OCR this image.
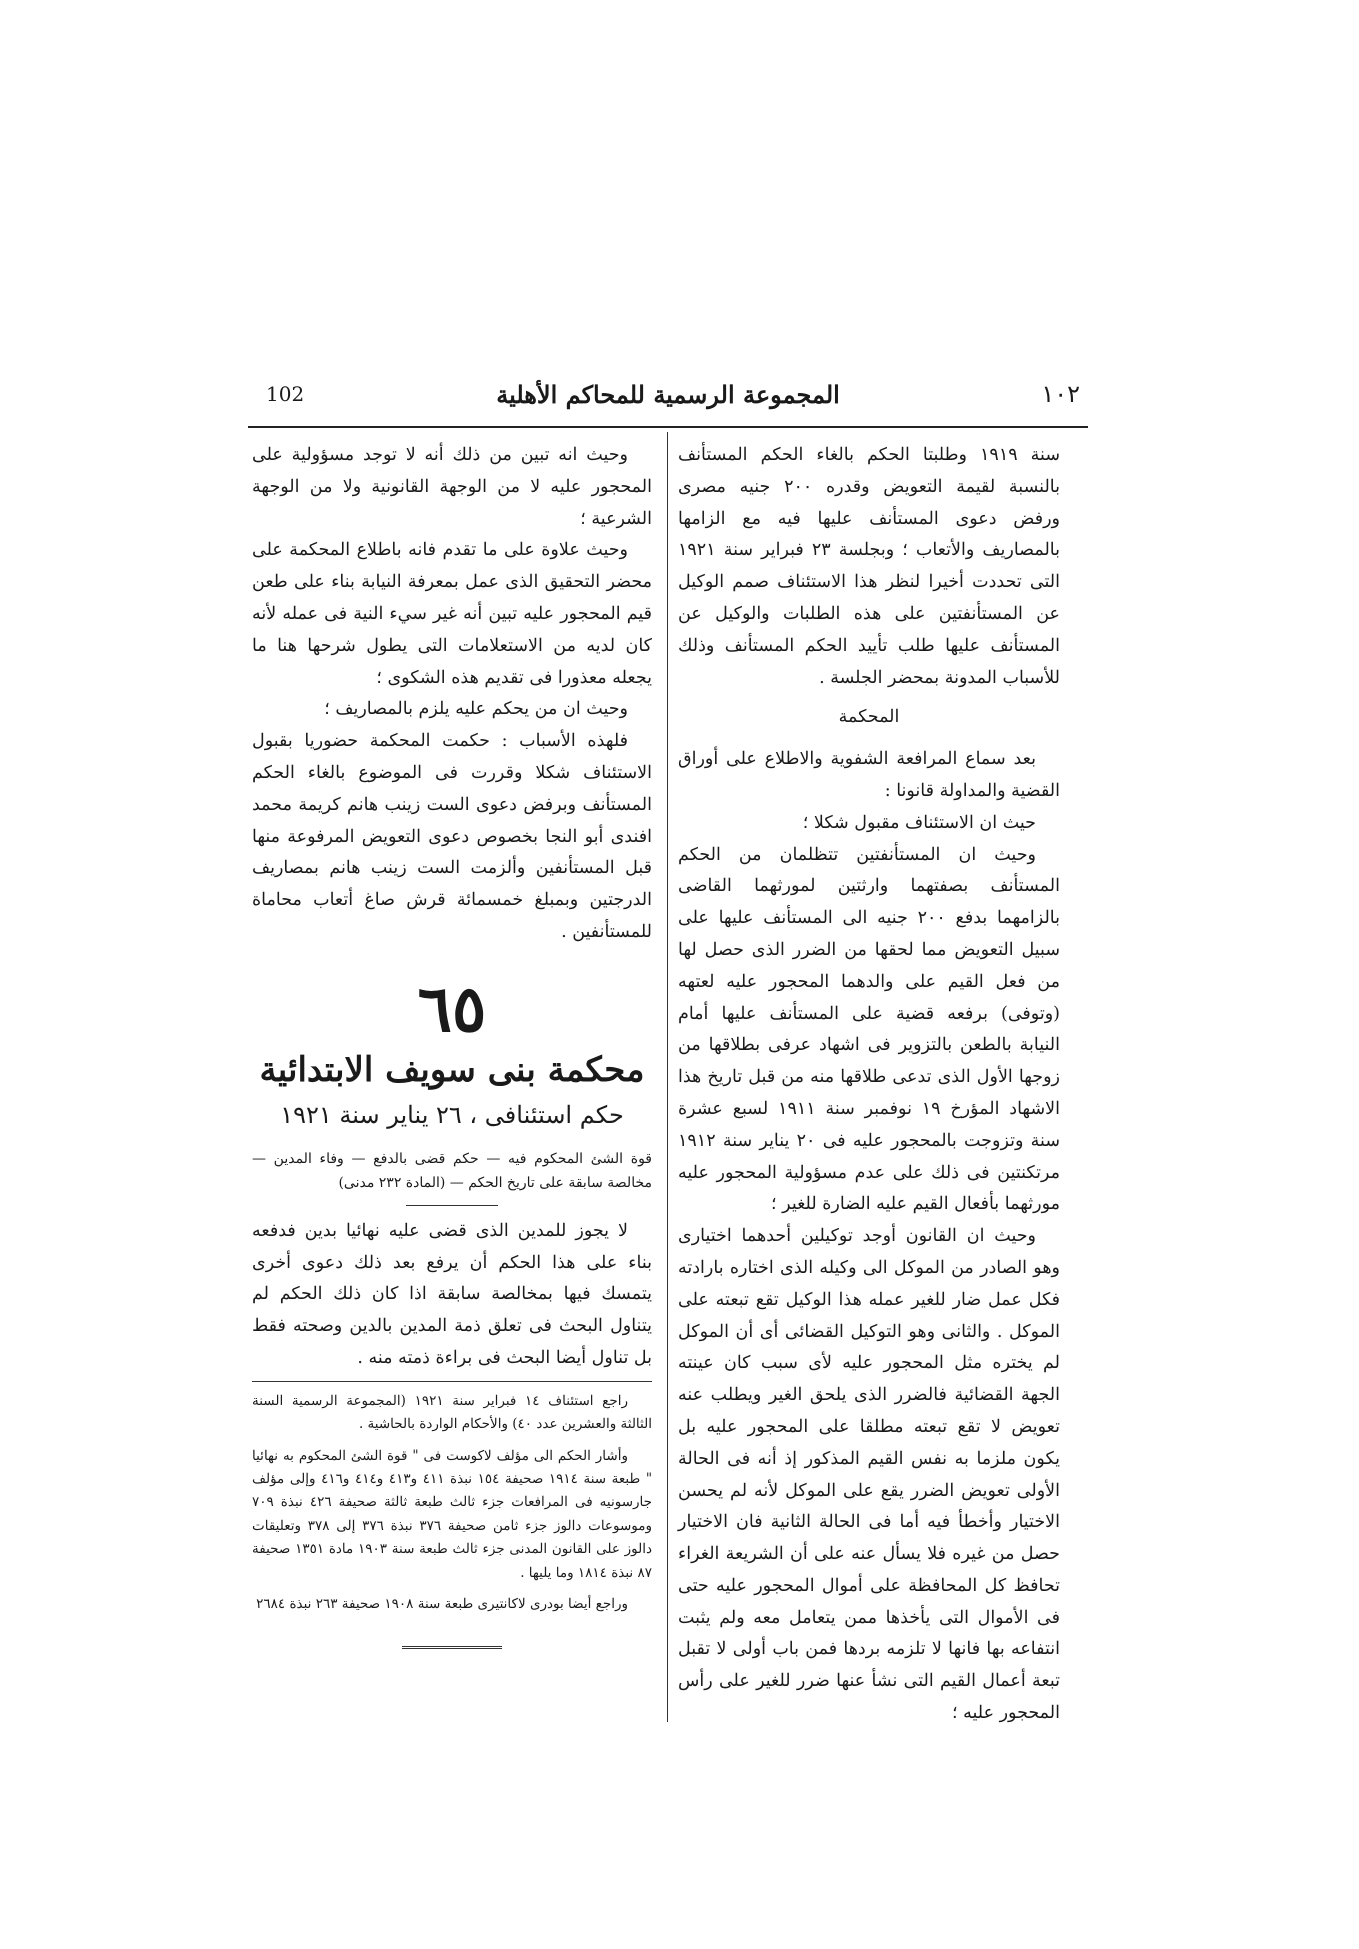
102	المجموعة الرسمية للمحاكم الأهلية	١٠٢

سنة ١٩١٩ وطلبتا الحكم بالغاء الحكم المستأنف بالنسبة لقيمة التعويض وقدره ٢٠٠ جنيه مصرى ورفض دعوى المستأنف عليها فيه مع الزامها بالمصاريف والأتعاب ؛ وبجلسة ٢٣ فبراير سنة ١٩٢١ التى تحددت أخيرا لنظر هذا الاستئناف صمم الوكيل عن المستأنفتين على هذه الطلبات والوكيل عن المستأنف عليها طلب تأييد الحكم المستأنف وذلك للأسباب المدونة بمحضر الجلسة .

المحكمة

بعد سماع المرافعة الشفوية والاطلاع على أوراق القضية والمداولة قانونا :

حيث ان الاستئناف مقبول شكلا ؛

وحيث ان المستأنفتين تتظلمان من الحكم المستأنف بصفتهما وارثتين لمورثهما القاضى بالزامهما بدفع ٢٠٠ جنيه الى المستأنف عليها على سبيل التعويض مما لحقها من الضرر الذى حصل لها من فعل القيم على والدهما المحجور عليه لعتهه (وتوفى) برفعه قضية على المستأنف عليها أمام النيابة بالطعن بالتزوير فى اشهاد عرفى بطلاقها من زوجها الأول الذى تدعى طلاقها منه من قبل تاريخ هذا الاشهاد المؤرخ ١٩ نوفمبر سنة ١٩١١ لسبع عشرة سنة وتزوجت بالمحجور عليه فى ٢٠ يناير سنة ١٩١٢ مرتكنتين فى ذلك على عدم مسؤولية المحجور عليه مورثهما بأفعال القيم عليه الضارة للغير ؛

وحيث ان القانون أوجد توكيلين أحدهما اختيارى وهو الصادر من الموكل الى وكيله الذى اختاره بارادته فكل عمل ضار للغير عمله هذا الوكيل تقع تبعته على الموكل . والثانى وهو التوكيل القضائى أى أن الموكل لم يختره مثل المحجور عليه لأى سبب كان عينته الجهة القضائية فالضرر الذى يلحق الغير ويطلب عنه تعويض لا تقع تبعته مطلقا على المحجور عليه بل يكون ملزما به نفس القيم المذكور إذ أنه فى الحالة الأولى تعويض الضرر يقع على الموكل لأنه لم يحسن الاختيار وأخطأ فيه أما فى الحالة الثانية فان الاختيار حصل من غيره فلا يسأل عنه على أن الشريعة الغراء تحافظ كل المحافظة على أموال المحجور عليه حتى فى الأموال التى يأخذها ممن يتعامل معه ولم يثبت انتفاعه بها فانها لا تلزمه بردها فمن باب أولى لا تقبل تبعة أعمال القيم التى نشأ عنها ضرر للغير على رأس المحجور عليه ؛

وحيث انه تبين من ذلك أنه لا توجد مسؤولية على المحجور عليه لا من الوجهة القانونية ولا من الوجهة الشرعية ؛

وحيث علاوة على ما تقدم فانه باطلاع المحكمة على محضر التحقيق الذى عمل بمعرفة النيابة بناء على طعن قيم المحجور عليه تبين أنه غير سيء النية فى عمله لأنه كان لديه من الاستعلامات التى يطول شرحها هنا ما يجعله معذورا فى تقديم هذه الشكوى ؛

وحيث ان من يحكم عليه يلزم بالمصاريف ؛

فلهذه الأسباب : حكمت المحكمة حضوريا بقبول الاستئناف شكلا وقررت فى الموضوع بالغاء الحكم المستأنف وبرفض دعوى الست زينب هانم كريمة محمد افندى أبو النجا بخصوص دعوى التعويض المرفوعة منها قبل المستأنفين وألزمت الست زينب هانم بمصاريف الدرجتين وبمبلغ خمسمائة قرش صاغ أتعاب محاماة للمستأنفين .

٦٥

محكمة بنى سويف الابتدائية

حكم استئنافى ، ٢٦ يناير سنة ١٩٢١

قوة الشئ المحكوم فيه — حكم قضى بالدفع — وفاء المدين — مخالصة سابقة على تاريخ الحكم — (المادة ٢٣٢ مدنى)

لا يجوز للمدين الذى قضى عليه نهائيا بدين فدفعه بناء على هذا الحكم أن يرفع بعد ذلك دعوى أخرى يتمسك فيها بمخالصة سابقة اذا كان ذلك الحكم لم يتناول البحث فى تعلق ذمة المدين بالدين وصحته فقط بل تناول أيضا البحث فى براءة ذمته منه .

راجع استئناف ١٤ فبراير سنة ١٩٢١ (المجموعة الرسمية السنة الثالثة والعشرين عدد ٤٠) والأحكام الواردة بالحاشية .

وأشار الحكم الى مؤلف لاكوست فى " قوة الشئ المحكوم به نهائيا " طبعة سنة ١٩١٤ صحيفة ١٥٤ نبذة ٤١١ و٤١٣ و٤١٤ و٤١٦ وإلى مؤلف جارسونيه فى المرافعات جزء ثالث طبعة ثالثة صحيفة ٤٢٦ نبذة ٧٠٩ وموسوعات دالوز جزء ثامن صحيفة ٣٧٦ نبذة ٣٧٦ إلى ٣٧٨ وتعليقات دالوز على القانون المدنى جزء ثالث طبعة سنة ١٩٠٣ مادة ١٣٥١ صحيفة ٨٧ نبذة ١٨١٤ وما يليها .

وراجع أيضا بودرى لاكانتيرى طبعة سنة ١٩٠٨ صحيفة ٢٦٣ نبذة ٢٦٨٤
